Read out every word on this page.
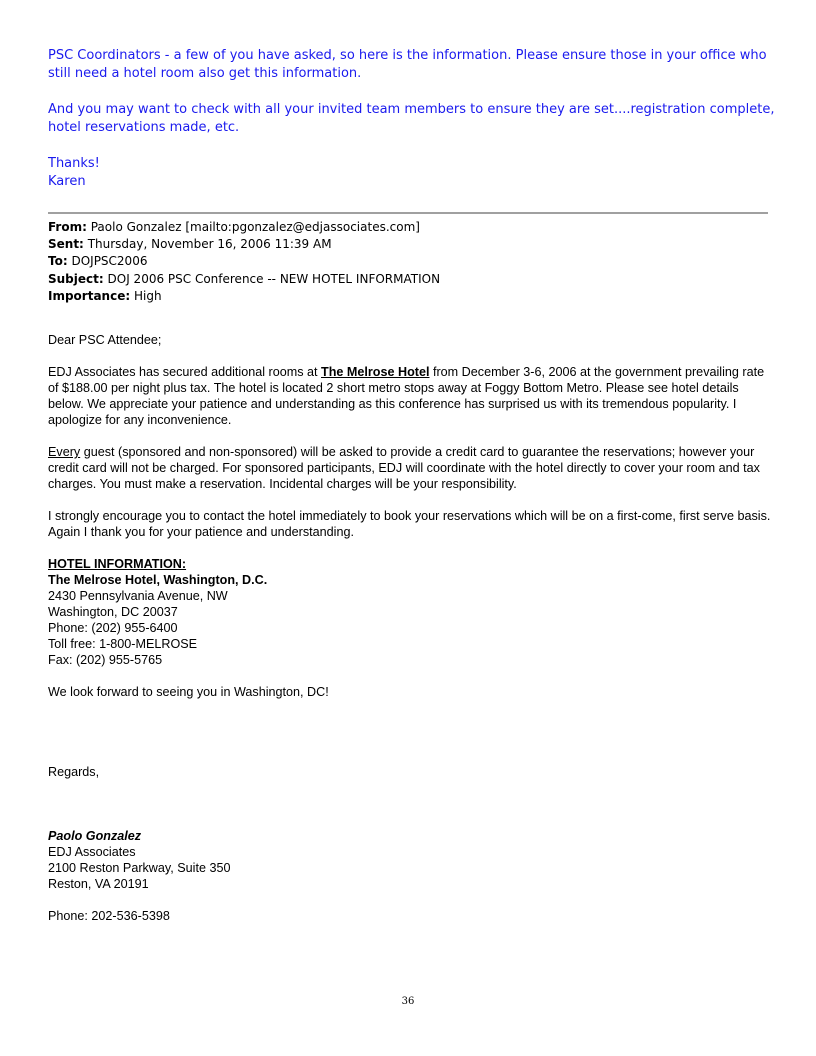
PSC Coordinators - a few of you have asked, so here is the information. Please ensure those in your office who still need a hotel room also get this information.

And you may want to check with all your invited team members to ensure they are set....registration complete, hotel reservations made, etc.

Thanks!

Karen

From: Paolo Gonzalez [mailto:pgonzalez@edjassociates.com]
Sent: Thursday, November 16, 2006 11:39 AM
To: DOJPSC2006
Subject: DOJ 2006 PSC Conference -- NEW HOTEL INFORMATION
Importance: High

Dear PSC Attendee;

EDJ Associates has secured additional rooms at The Melrose Hotel from December 3-6, 2006 at the government prevailing rate of $188.00 per night plus tax. The hotel is located 2 short metro stops away at Foggy Bottom Metro. Please see hotel details below. We appreciate your patience and understanding as this conference has surprised us with its tremendous popularity. I apologize for any inconvenience.

Every guest (sponsored and non-sponsored) will be asked to provide a credit card to guarantee the reservations; however your credit card will not be charged. For sponsored participants, EDJ will coordinate with the hotel directly to cover your room and tax charges. You must make a reservation. Incidental charges will be your responsibility.

I strongly encourage you to contact the hotel immediately to book your reservations which will be on a first-come, first serve basis. Again I thank you for your patience and understanding.

HOTEL INFORMATION:

The Melrose Hotel, Washington, D.C.

2430 Pennsylvania Avenue, NW

Washington, DC 20037

Phone: (202) 955-6400

Toll free: 1-800-MELROSE

Fax: (202) 955-5765

We look forward to seeing you in Washington, DC!

Regards,

Paolo Gonzalez

EDJ Associates

2100 Reston Parkway, Suite 350

Reston, VA 20191

Phone: 202-536-5398

36
